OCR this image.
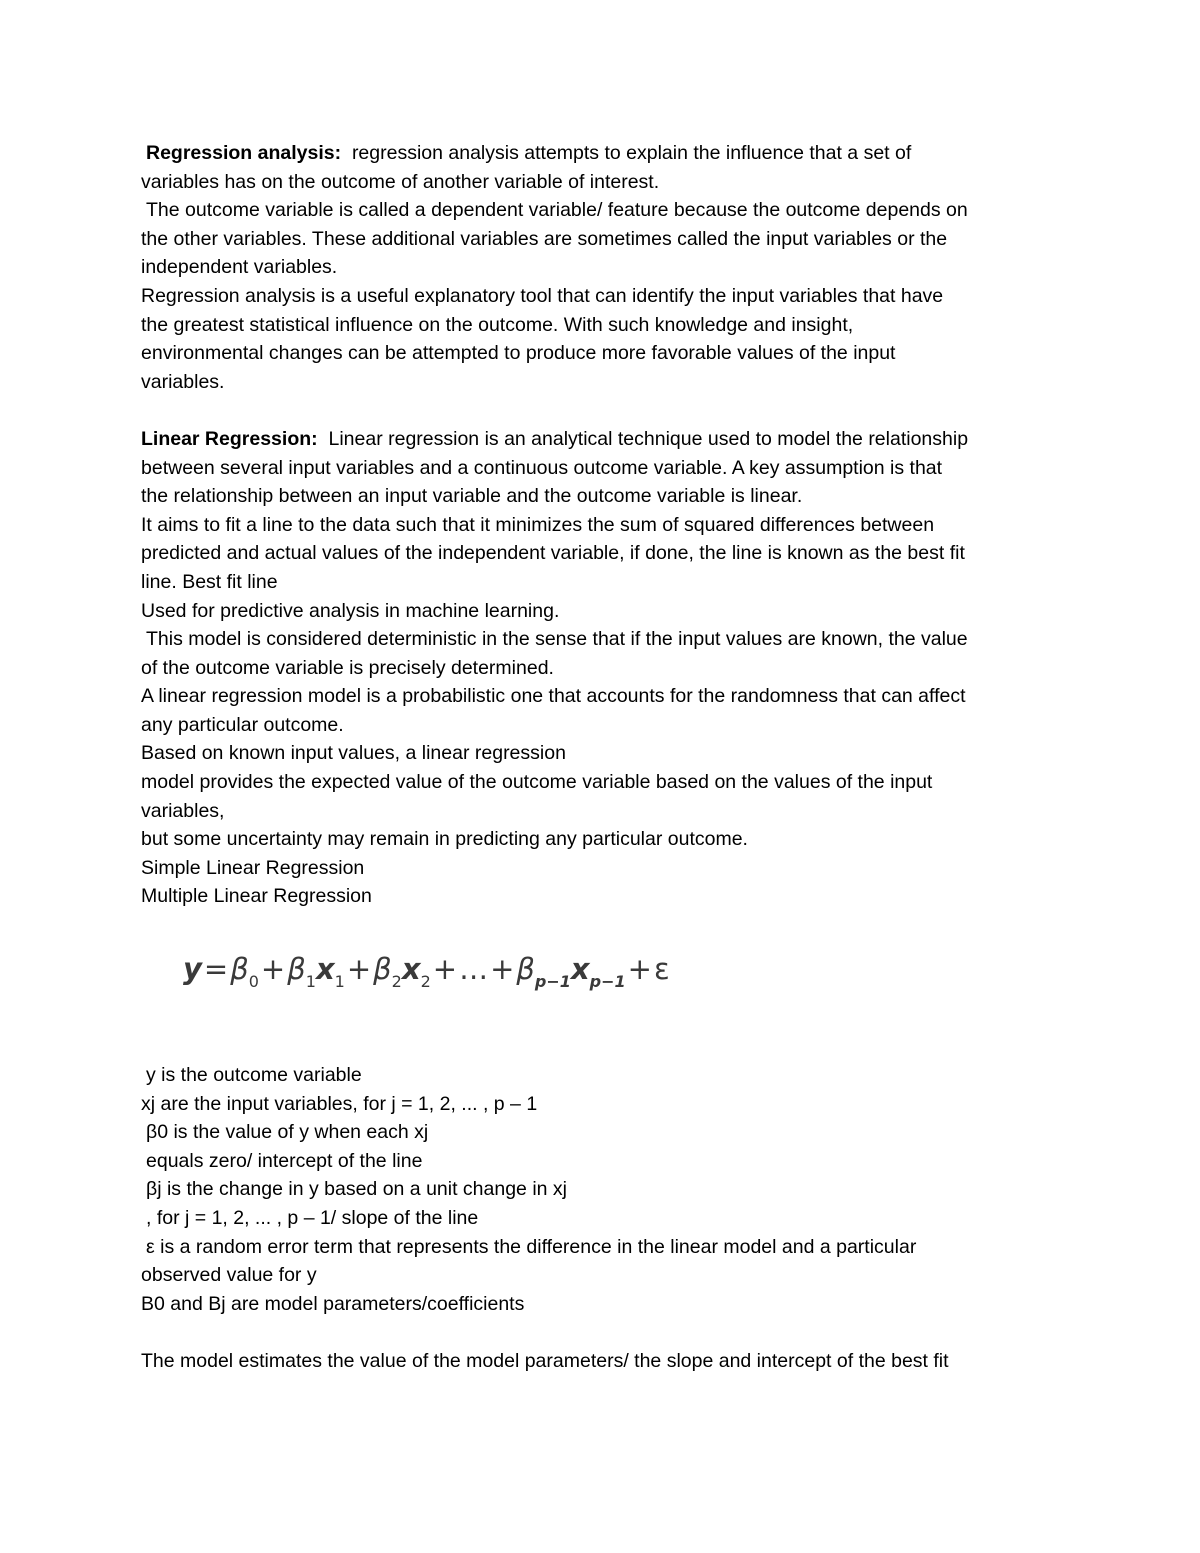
Regression analysis: regression analysis attempts to explain the influence that a set of
variables has on the outcome of another variable of interest.
The outcome variable is called a dependent variable/ feature because the outcome depends on
the other variables. These additional variables are sometimes called the input variables or the
independent variables.
Regression analysis is a useful explanatory tool that can identify the input variables that have
the greatest statistical influence on the outcome. With such knowledge and insight,
environmental changes can be attempted to produce more favorable values of the input
variables.
Linear Regression: Linear regression is an analytical technique used to model the relationship
between several input variables and a continuous outcome variable. A key assumption is that
the relationship between an input variable and the outcome variable is linear.
It aims to fit a line to the data such that it minimizes the sum of squared differences between
predicted and actual values of the independent variable, if done, the line is known as the best fit
line. Best fit line
Used for predictive analysis in machine learning.
This model is considered deterministic in the sense that if the input values are known, the value
of the outcome variable is precisely determined.
A linear regression model is a probabilistic one that accounts for the randomness that can affect
any particular outcome.
Based on known input values, a linear regression
model provides the expected value of the outcome variable based on the values of the input
variables,
but some uncertainty may remain in predicting any particular outcome.
Simple Linear Regression
Multiple Linear Regression
$y=\beta_0+\beta_1x_1+\beta_2x_2+\dots+\beta_{p-1}x_{p-1}+\varepsilon$
y is the outcome variable
xj are the input variables, for j = 1, 2, ... , p – 1
β0 is the value of y when each xj
equals zero/ intercept of the line
βj is the change in y based on a unit change in xj
, for j = 1, 2, ... , p – 1/ slope of the line
ε is a random error term that represents the difference in the linear model and a particular
observed value for y
B0 and Bj are model parameters/coefficients
The model estimates the value of the model parameters/ the slope and intercept of the best fit
